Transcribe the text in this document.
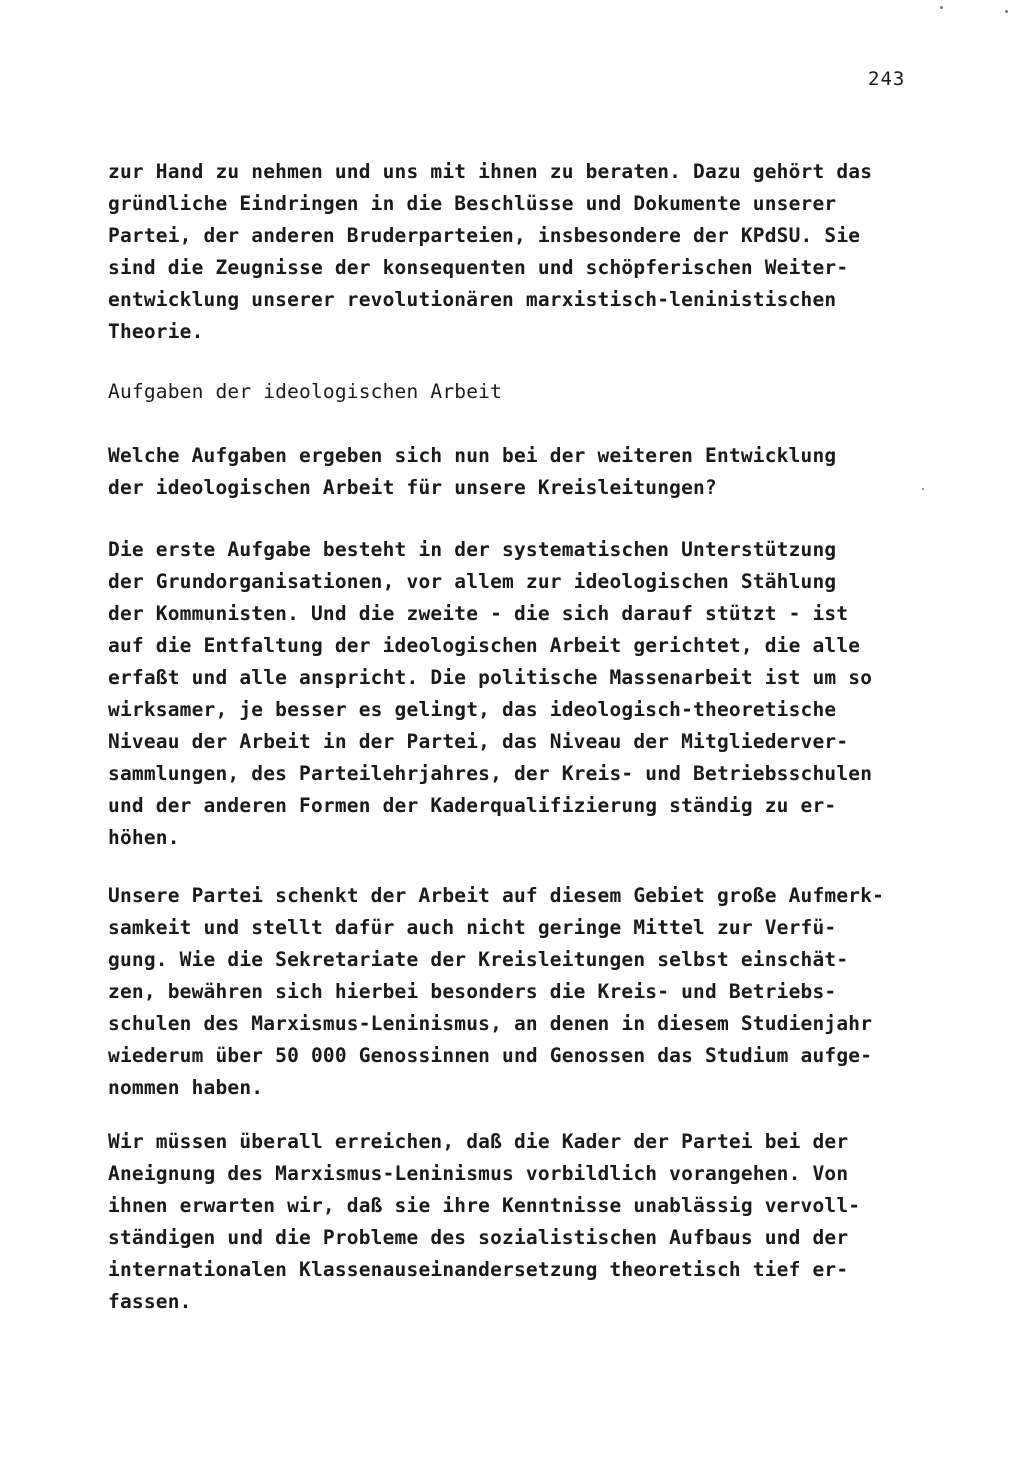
243
zur Hand zu nehmen und uns mit ihnen zu beraten. Dazu gehört das
gründliche Eindringen in die Beschlüsse und Dokumente unserer
Partei, der anderen Bruderparteien, insbesondere der KPdSU. Sie
sind die Zeugnisse der konsequenten und schöpferischen Weiter-
entwicklung unserer revolutionären marxistisch-leninistischen
Theorie.
Aufgaben der ideologischen Arbeit
Welche Aufgaben ergeben sich nun bei der weiteren Entwicklung
der ideologischen Arbeit für unsere Kreisleitungen?
Die erste Aufgabe besteht in der systematischen Unterstützung
der Grundorganisationen, vor allem zur ideologischen Stählung
der Kommunisten. Und die zweite - die sich darauf stützt - ist
auf die Entfaltung der ideologischen Arbeit gerichtet, die alle
erfaßt und alle anspricht. Die politische Massenarbeit ist um so
wirksamer, je besser es gelingt, das ideologisch-theoretische
Niveau der Arbeit in der Partei, das Niveau der Mitgliederver-
sammlungen, des Parteilehrjahres, der Kreis- und Betriebsschulen
und der anderen Formen der Kaderqualifizierung ständig zu er-
höhen.
Unsere Partei schenkt der Arbeit auf diesem Gebiet große Aufmerk-
samkeit und stellt dafür auch nicht geringe Mittel zur Verfü-
gung. Wie die Sekretariate der Kreisleitungen selbst einschät-
zen, bewähren sich hierbei besonders die Kreis- und Betriebs-
schulen des Marxismus-Leninismus, an denen in diesem Studienjahr
wiederum über 50 000 Genossinnen und Genossen das Studium aufge-
nommen haben.
Wir müssen überall erreichen, daß die Kader der Partei bei der
Aneignung des Marxismus-Leninismus vorbildlich vorangehen. Von
ihnen erwarten wir, daß sie ihre Kenntnisse unablässig vervoll-
ständigen und die Probleme des sozialistischen Aufbaus und der
internationalen Klassenauseinandersetzung theoretisch tief er-
fassen.
